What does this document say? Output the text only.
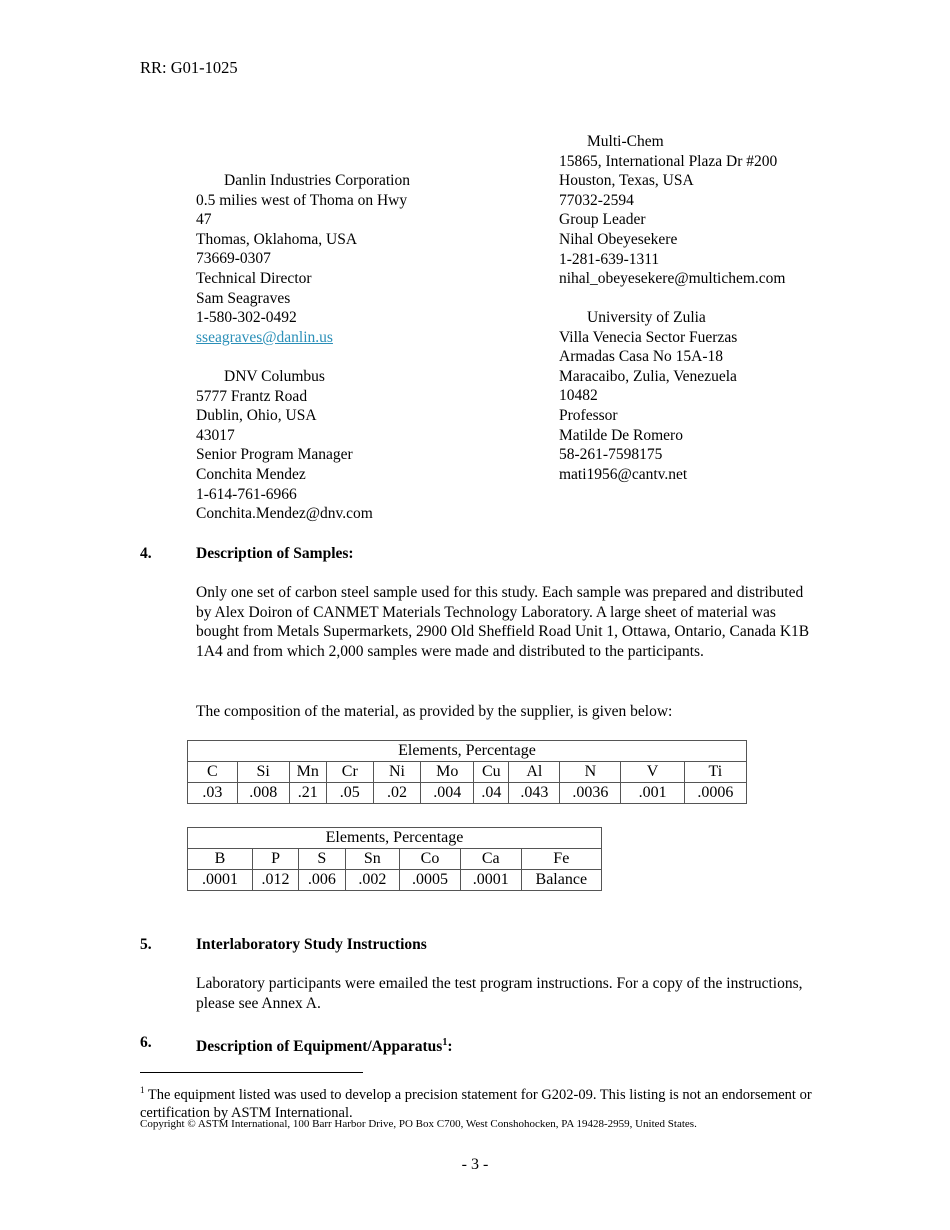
RR: G01-1025
Danlin Industries Corporation
0.5 milies west of Thoma on Hwy
47
Thomas, Oklahoma, USA
73669-0307
Technical Director
Sam Seagraves
1-580-302-0492
sseagraves@danlin.us
DNV Columbus
5777 Frantz Road
Dublin, Ohio, USA
43017
Senior Program Manager
Conchita Mendez
1-614-761-6966
Conchita.Mendez@dnv.com
Multi-Chem
15865, International Plaza Dr #200
Houston, Texas, USA
77032-2594
Group Leader
Nihal Obeyesekere
1-281-639-1311
nihal_obeyesekere@multichem.com
University of Zulia
Villa Venecia Sector Fuerzas
Armadas Casa No 15A-18
Maracaibo, Zulia, Venezuela
10482
Professor
Matilde De Romero
58-261-7598175
mati1956@cantv.net
4.	Description of Samples:
Only one set of carbon steel sample used for this study. Each sample was prepared and distributed by Alex Doiron of CANMET Materials Technology Laboratory. A large sheet of material was bought from Metals Supermarkets, 2900 Old Sheffield Road Unit 1, Ottawa, Ontario, Canada K1B 1A4 and from which 2,000 samples were made and distributed to the participants.
The composition of the material, as provided by the supplier, is given below:
Elements, Percentage										
C	Si	Mn	Cr	Ni	Mo	Cu	Al	N	V	Ti
.03	.008	.21	.05	.02	.004	.04	.043	.0036	.001	.0006
Elements, Percentage						
B	P	S	Sn	Co	Ca	Fe
.0001	.012	.006	.002	.0005	.0001	Balance
5.	Interlaboratory Study Instructions
Laboratory participants were emailed the test program instructions. For a copy of the instructions, please see Annex A.
6.	Description of Equipment/Apparatus$^1$:
$^1$ The equipment listed was used to develop a precision statement for G202-09. This listing is not an endorsement or certification by ASTM International.
Copyright © ASTM International, 100 Barr Harbor Drive, PO Box C700, West Conshohocken, PA 19428-2959, United States.
- 3 -
